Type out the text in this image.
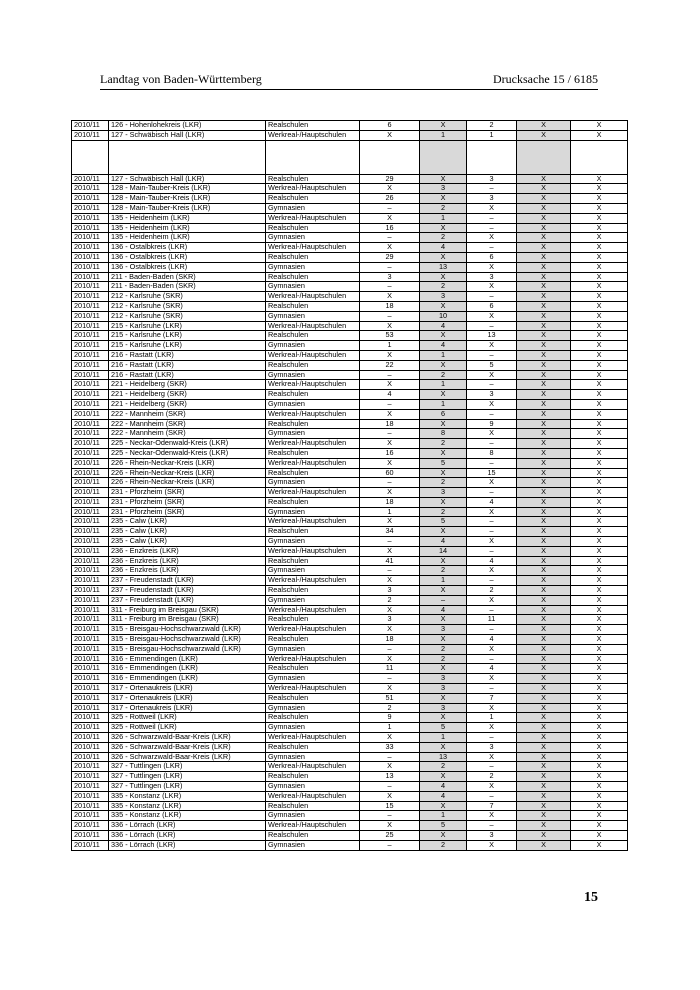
Landtag von Baden-Württemberg	Drucksache 15 / 6185
2010/11	126 - Hohenlohekreis (LKR)	Realschulen	6	X	2	X	X
2010/11	127 - Schwäbisch Hall (LKR)	Werkreal-/Hauptschulen	X	1	1	X	X

2010/11	127 - Schwäbisch Hall (LKR)	Realschulen	29	X	3	X	X
2010/11	128 - Main-Tauber-Kreis (LKR)	Werkreal-/Hauptschulen	X	3	–	X	X
2010/11	128 - Main-Tauber-Kreis (LKR)	Realschulen	26	X	3	X	X
2010/11	128 - Main-Tauber-Kreis (LKR)	Gymnasien	–	2	X	X	X
2010/11	135 - Heidenheim (LKR)	Werkreal-/Hauptschulen	X	1	–	X	X
2010/11	135 - Heidenheim (LKR)	Realschulen	16	X	–	X	X
2010/11	135 - Heidenheim (LKR)	Gymnasien	–	2	X	X	X
2010/11	136 - Ostalbkreis (LKR)	Werkreal-/Hauptschulen	X	4	–	X	X
2010/11	136 - Ostalbkreis (LKR)	Realschulen	29	X	6	X	X
2010/11	136 - Ostalbkreis (LKR)	Gymnasien	–	13	X	X	X
2010/11	211 - Baden-Baden (SKR)	Realschulen	3	X	3	X	X
2010/11	211 - Baden-Baden (SKR)	Gymnasien	–	2	X	X	X
2010/11	212 - Karlsruhe (SKR)	Werkreal-/Hauptschulen	X	3	–	X	X
2010/11	212 - Karlsruhe (SKR)	Realschulen	18	X	6	X	X
2010/11	212 - Karlsruhe (SKR)	Gymnasien	–	10	X	X	X
2010/11	215 - Karlsruhe (LKR)	Werkreal-/Hauptschulen	X	4	–	X	X
2010/11	215 - Karlsruhe (LKR)	Realschulen	53	X	13	X	X
2010/11	215 - Karlsruhe (LKR)	Gymnasien	1	4	X	X	X
2010/11	216 - Rastatt (LKR)	Werkreal-/Hauptschulen	X	1	–	X	X
2010/11	216 - Rastatt (LKR)	Realschulen	22	X	5	X	X
2010/11	216 - Rastatt (LKR)	Gymnasien	–	2	X	X	X
2010/11	221 - Heidelberg (SKR)	Werkreal-/Hauptschulen	X	1	–	X	X
2010/11	221 - Heidelberg (SKR)	Realschulen	4	X	3	X	X
2010/11	221 - Heidelberg (SKR)	Gymnasien	–	1	X	X	X
2010/11	222 - Mannheim (SKR)	Werkreal-/Hauptschulen	X	6	–	X	X
2010/11	222 - Mannheim (SKR)	Realschulen	18	X	9	X	X
2010/11	222 - Mannheim (SKR)	Gymnasien	–	8	X	X	X
2010/11	225 - Neckar-Odenwald-Kreis (LKR)	Werkreal-/Hauptschulen	X	2	–	X	X
2010/11	225 - Neckar-Odenwald-Kreis (LKR)	Realschulen	16	X	8	X	X
2010/11	226 - Rhein-Neckar-Kreis (LKR)	Werkreal-/Hauptschulen	X	5	–	X	X
2010/11	226 - Rhein-Neckar-Kreis (LKR)	Realschulen	60	X	15	X	X
2010/11	226 - Rhein-Neckar-Kreis (LKR)	Gymnasien	–	2	X	X	X
2010/11	231 - Pforzheim (SKR)	Werkreal-/Hauptschulen	X	3	–	X	X
2010/11	231 - Pforzheim (SKR)	Realschulen	18	X	4	X	X
2010/11	231 - Pforzheim (SKR)	Gymnasien	1	2	X	X	X
2010/11	235 - Calw (LKR)	Werkreal-/Hauptschulen	X	5	–	X	X
2010/11	235 - Calw (LKR)	Realschulen	34	X	–	X	X
2010/11	235 - Calw (LKR)	Gymnasien	–	4	X	X	X
2010/11	236 - Enzkreis (LKR)	Werkreal-/Hauptschulen	X	14	–	X	X
2010/11	236 - Enzkreis (LKR)	Realschulen	41	X	4	X	X
2010/11	236 - Enzkreis (LKR)	Gymnasien	–	2	X	X	X
2010/11	237 - Freudenstadt (LKR)	Werkreal-/Hauptschulen	X	1	–	X	X
2010/11	237 - Freudenstadt (LKR)	Realschulen	3	X	2	X	X
2010/11	237 - Freudenstadt (LKR)	Gymnasien	2	–	X	X	X
2010/11	311 - Freiburg im Breisgau (SKR)	Werkreal-/Hauptschulen	X	4	–	X	X
2010/11	311 - Freiburg im Breisgau (SKR)	Realschulen	3	X	11	X	X
2010/11	315 - Breisgau-Hochschwarzwald (LKR)	Werkreal-/Hauptschulen	X	3	–	X	X
2010/11	315 - Breisgau-Hochschwarzwald (LKR)	Realschulen	18	X	4	X	X
2010/11	315 - Breisgau-Hochschwarzwald (LKR)	Gymnasien	–	2	X	X	X
2010/11	316 - Emmendingen (LKR)	Werkreal-/Hauptschulen	X	2	–	X	X
2010/11	316 - Emmendingen (LKR)	Realschulen	11	X	4	X	X
2010/11	316 - Emmendingen (LKR)	Gymnasien	–	3	X	X	X
2010/11	317 - Ortenaukreis (LKR)	Werkreal-/Hauptschulen	X	3	–	X	X
2010/11	317 - Ortenaukreis (LKR)	Realschulen	51	X	7	X	X
2010/11	317 - Ortenaukreis (LKR)	Gymnasien	2	3	X	X	X
2010/11	325 - Rottweil (LKR)	Realschulen	9	X	1	X	X
2010/11	325 - Rottweil (LKR)	Gymnasien	1	5	X	X	X
2010/11	326 - Schwarzwald-Baar-Kreis (LKR)	Werkreal-/Hauptschulen	X	1	–	X	X
2010/11	326 - Schwarzwald-Baar-Kreis (LKR)	Realschulen	33	X	3	X	X
2010/11	326 - Schwarzwald-Baar-Kreis (LKR)	Gymnasien	–	13	X	X	X
2010/11	327 - Tuttlingen (LKR)	Werkreal-/Hauptschulen	X	2	–	X	X
2010/11	327 - Tuttlingen (LKR)	Realschulen	13	X	2	X	X
2010/11	327 - Tuttlingen (LKR)	Gymnasien	–	4	X	X	X
2010/11	335 - Konstanz (LKR)	Werkreal-/Hauptschulen	X	4	–	X	X
2010/11	335 - Konstanz (LKR)	Realschulen	15	X	7	X	X
2010/11	335 - Konstanz (LKR)	Gymnasien	–	1	X	X	X
2010/11	336 - Lörrach (LKR)	Werkreal-/Hauptschulen	X	5	–	X	X
2010/11	336 - Lörrach (LKR)	Realschulen	25	X	3	X	X
2010/11	336 - Lörrach (LKR)	Gymnasien	–	2	X	X	X
15
